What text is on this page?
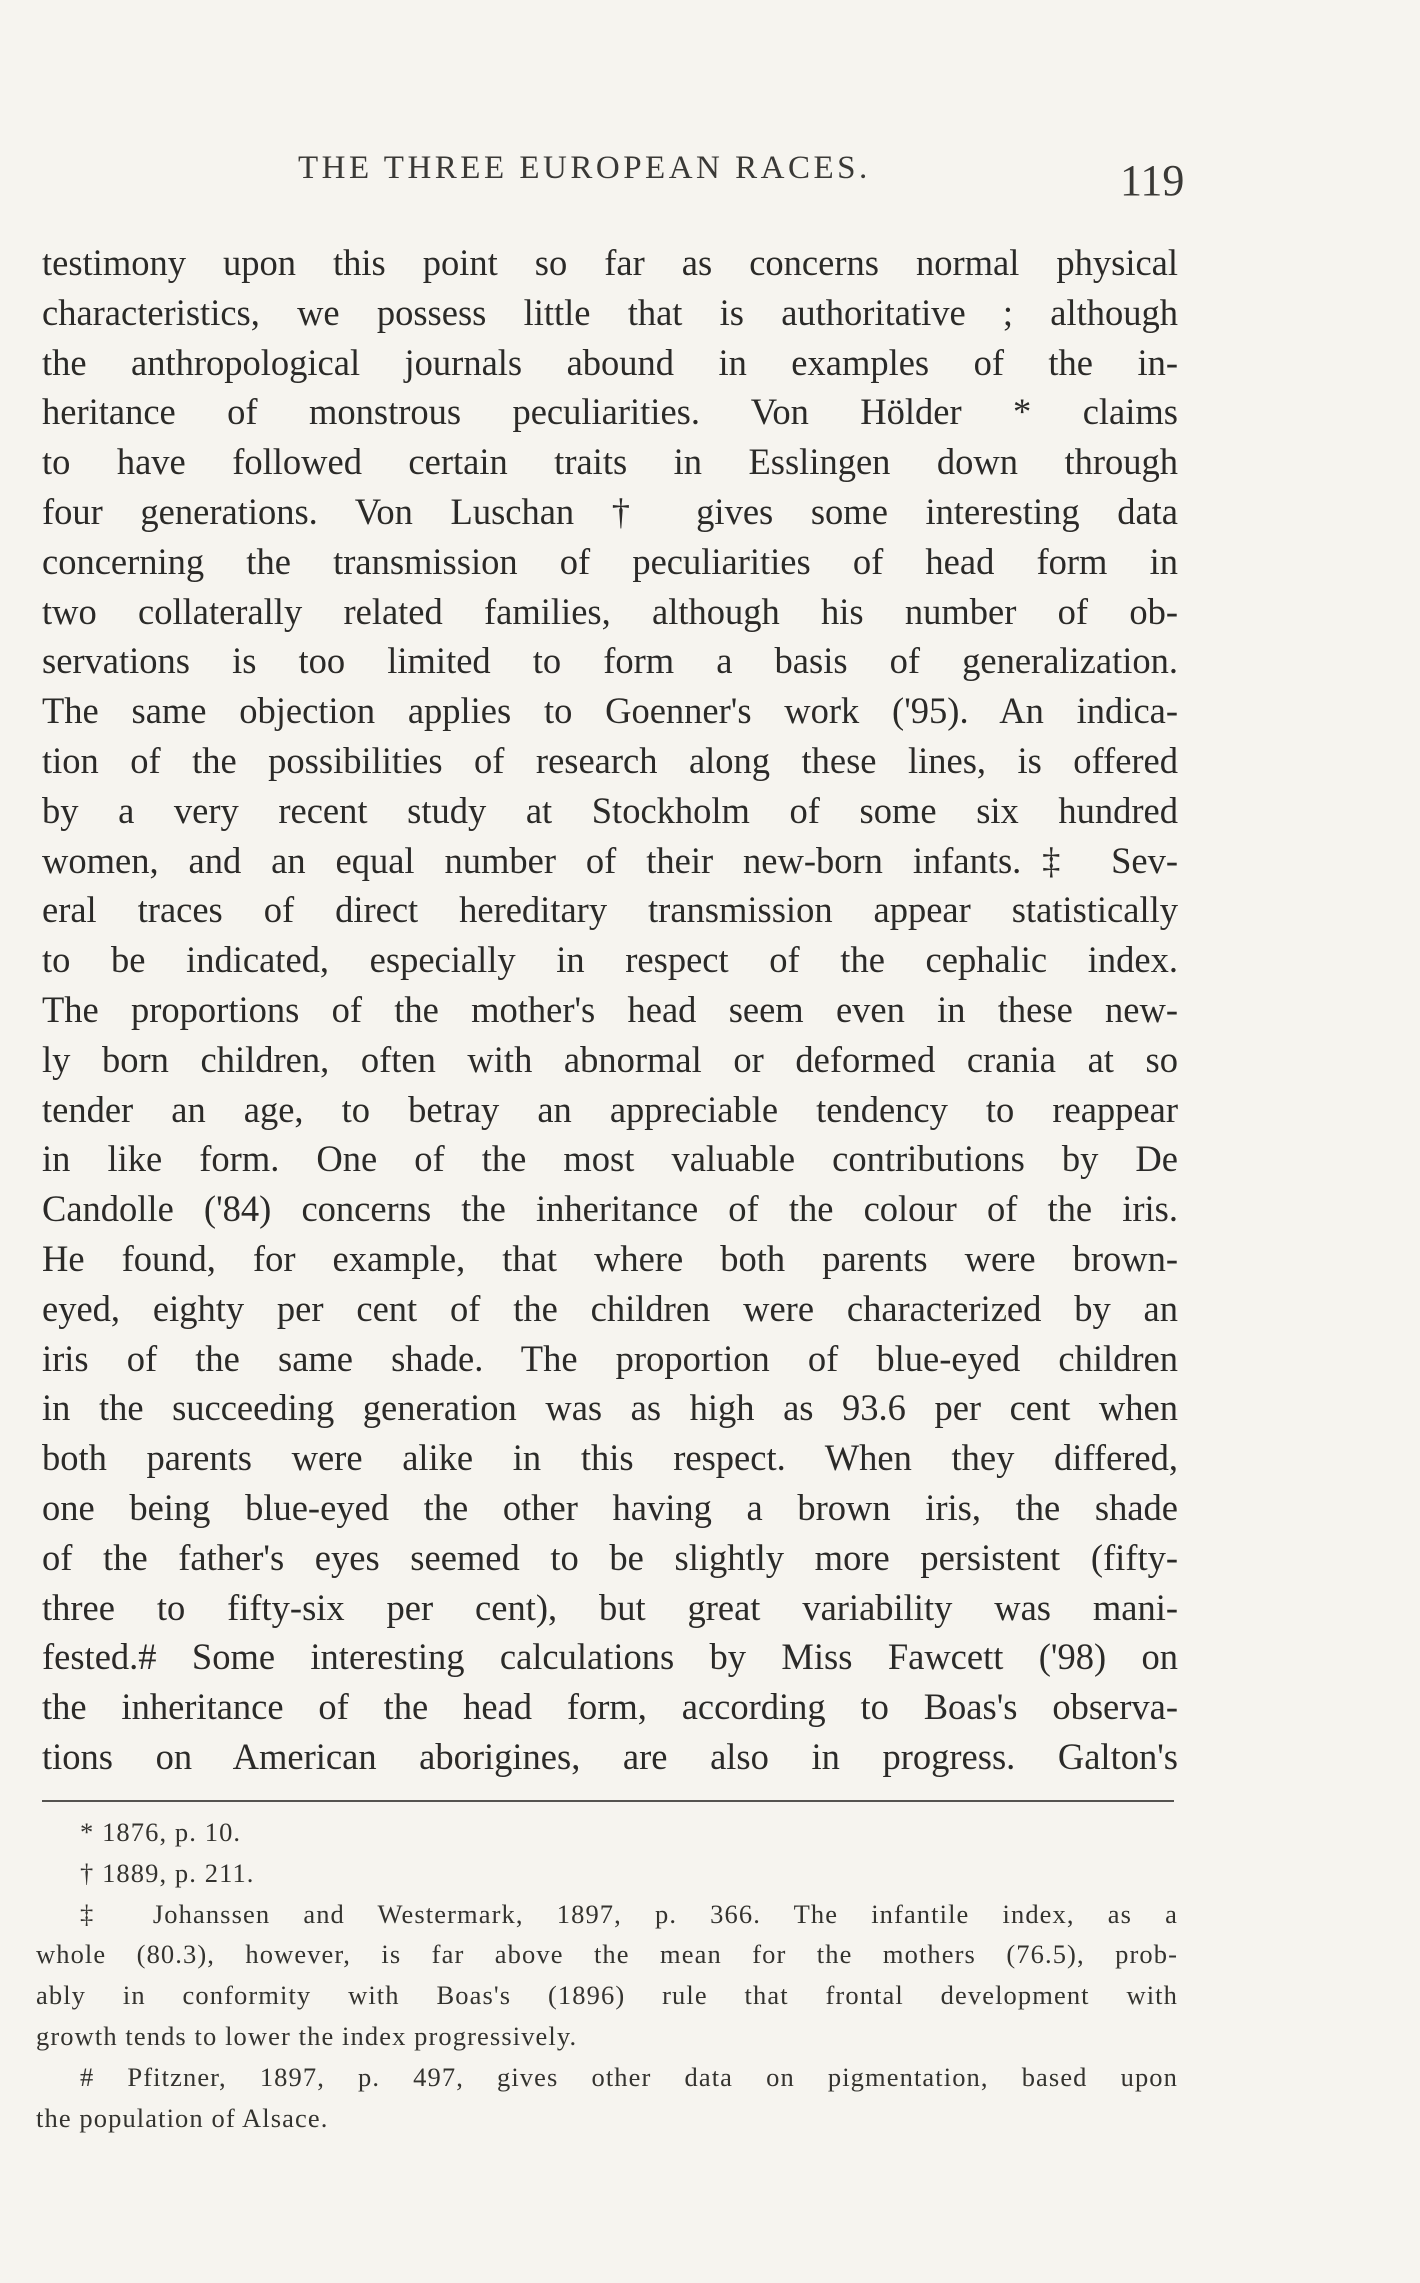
THE THREE EUROPEAN RACES.	119
testimony upon this point so far as concerns normal physical
characteristics, we possess little that is authoritative ; although
the anthropological journals abound in examples of the in-
heritance of monstrous peculiarities. Von Hölder * claims
to have followed certain traits in Esslingen down through
four generations. Von Luschan † gives some interesting data
concerning the transmission of peculiarities of head form in
two collaterally related families, although his number of ob-
servations is too limited to form a basis of generalization.
The same objection applies to Goenner's work ('95). An indica-
tion of the possibilities of research along these lines, is offered
by a very recent study at Stockholm of some six hundred
women, and an equal number of their new-born infants.‡ Sev-
eral traces of direct hereditary transmission appear statistically
to be indicated, especially in respect of the cephalic index.
The proportions of the mother's head seem even in these new-
ly born children, often with abnormal or deformed crania at so
tender an age, to betray an appreciable tendency to reappear
in like form. One of the most valuable contributions by De
Candolle ('84) concerns the inheritance of the colour of the iris.
He found, for example, that where both parents were brown-
eyed, eighty per cent of the children were characterized by an
iris of the same shade. The proportion of blue-eyed children
in the succeeding generation was as high as 93.6 per cent when
both parents were alike in this respect. When they differed,
one being blue-eyed the other having a brown iris, the shade
of the father's eyes seemed to be slightly more persistent (fifty-
three to fifty-six per cent), but great variability was mani-
fested.# Some interesting calculations by Miss Fawcett ('98) on
the inheritance of the head form, according to Boas's observa-
tions on American aborigines, are also in progress. Galton's
* 1876, p. 10.
† 1889, p. 211.
‡ Johanssen and Westermark, 1897, p. 366. The infantile index, as a
whole (80.3), however, is far above the mean for the mothers (76.5), prob-
ably in conformity with Boas's (1896) rule that frontal development with
growth tends to lower the index progressively.
# Pfitzner, 1897, p. 497, gives other data on pigmentation, based upon
the population of Alsace.
